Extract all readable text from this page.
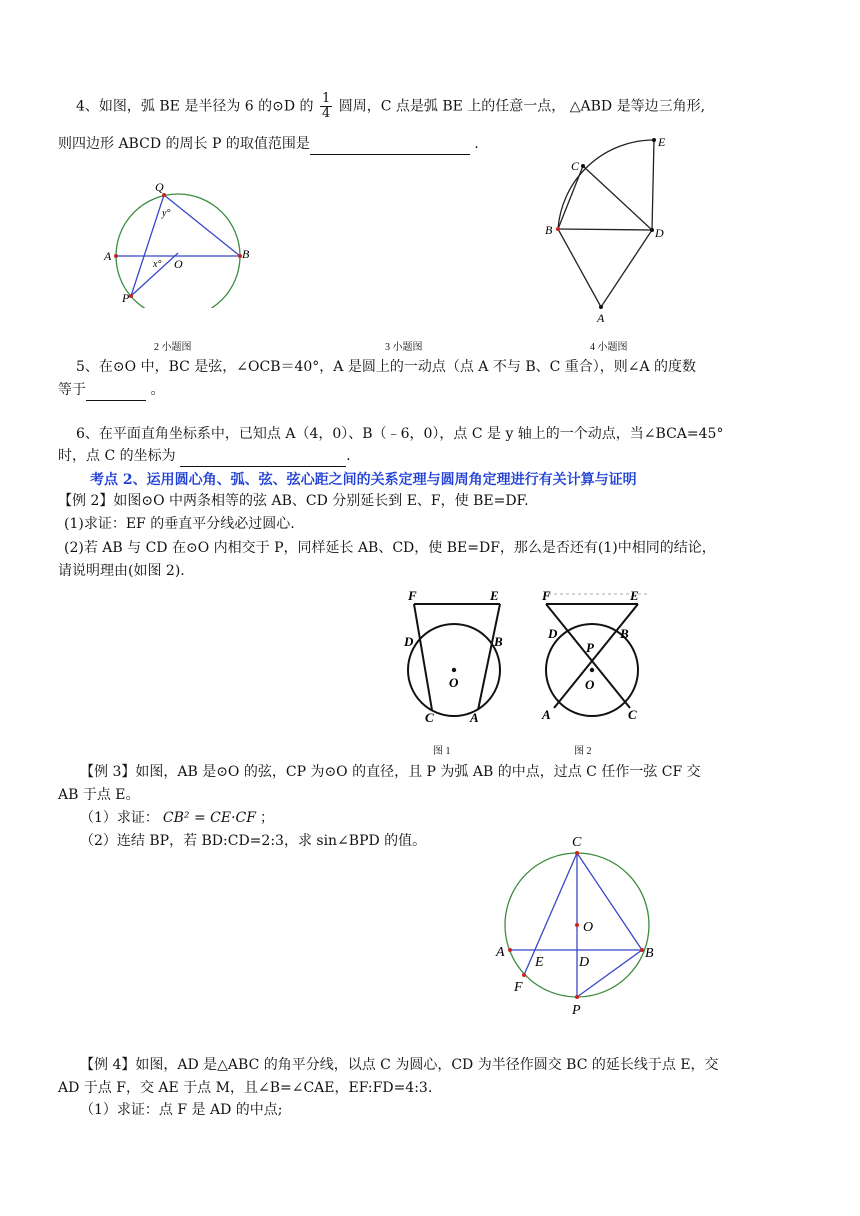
4、如图，弧 BE 是半径为 6 的⊙D 的 $\frac{1}{4}$ 圆周，C 点是弧 BE 上的任意一点， △ABD 是等边三角形,
则四边形 ABCD 的周长 P 的取值范围是	.
Q
y°
A
x° O
B
P
E
C
B	D
A
2 小题图	3 小题图	4 小题图
5、在⊙O 中，BC 是弦，∠OCB＝40°，A 是圆上的一动点（点 A 不与 B、C 重合），则∠A 的度数
等于	。
6、在平面直角坐标系中，已知点 A（4，0）、B（﹣6，0），点 C 是 y 轴上的一个动点，当∠BCA=45°
时，点 C 的坐标为	.
考点 2、运用圆心角、弧、弦、弦心距之间的关系定理与圆周角定理进行有关计算与证明
【例 2】如图⊙O 中两条相等的弦 AB、CD 分别延长到 E、F，使 BE=DF.
(1)求证：EF 的垂直平分线必过圆心.
(2)若 AB 与 CD 在⊙O 内相交于 P，同样延长 AB、CD，使 BE=DF，那么是否还有(1)中相同的结论，
请说明理由(如图 2).
F	E
D	B
O
C	A
F	E
D	B
P
O
A	C
图 1	图 2
【例 3】如图，AB 是⊙O 的弦，CP 为⊙O 的直径，且 P 为弧 AB 的中点，过点 C 任作一弦 CF 交
AB 于点 E。
（1）求证： CB² = CE·CF ；
（2）连结 BP，若 BD:CD=2:3，求 sin∠BPD 的值。	C
O
A
E	D
B
F
P
【例 4】如图，AD 是△ABC 的角平分线，以点 C 为圆心，CD 为半径作圆交 BC 的延长线于点 E，交
AD 于点 F，交 AE 于点 M，且∠B=∠CAE，EF:FD=4:3.
（1）求证：点 F 是 AD 的中点;
